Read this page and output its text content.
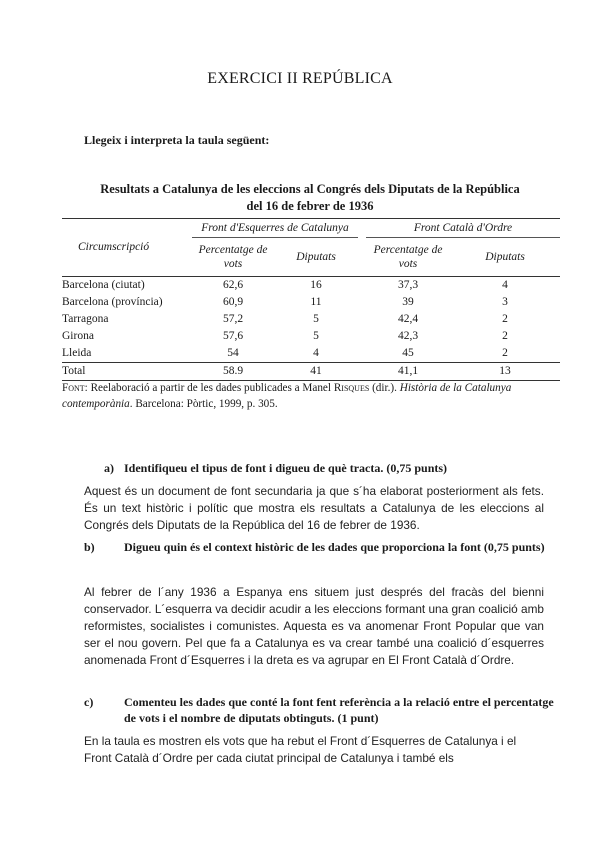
EXERCICI II REPÚBLICA
Llegeix i interpreta la taula següent:
Resultats a Catalunya de les eleccions al Congrés dels Diputats de la República
del 16 de febrer de 1936
	Front d'Esquerres de Catalunya			Front Català d'Ordre	
Circumscripció	Percentatge de vots	Diputats		Percentatge de vots	Diputats
Barcelona (ciutat)	62,6	16		37,3	4
Barcelona (província)	60,9	11		39	3
Tarragona	57,2	5		42,4	2
Girona	57,6	5		42,3	2
Lleida	54	4		45	2
Total	58.9	41		41,1	13
Font: Reelaboració a partir de les dades publicades a Manel Risques (dir.). Història de la Catalunya contemporània. Barcelona: Pòrtic, 1999, p. 305.
a) Identifiqueu el tipus de font i digueu de què tracta. (0,75 punts)
Aquest és un document de font secundaria ja que s´ha elaborat posteriorment als fets. És un text històric i polític que mostra els resultats a Catalunya de les eleccions al Congrés dels Diputats de la República del 16 de febrer de 1936.
b) Digueu quin és el context històric de les dades que proporciona la font (0,75 punts)
Al febrer de l´any 1936 a Espanya ens situem just després del fracàs del bienni conservador. L´esquerra va decidir acudir a les eleccions formant una gran coalició amb reformistes, socialistes i comunistes. Aquesta es va anomenar Front Popular que van ser el nou govern. Pel que fa a Catalunya es va crear també una coalició d´esquerres anomenada Front d´Esquerres i la dreta es va agrupar en El Front Català d´Ordre.
c)	Comenteu les dades que conté la font fent referència a la relació entre el percentatge de vots i el nombre de diputats obtinguts. (1 punt)
En la taula es mostren els vots que ha rebut el Front d´Esquerres de Catalunya i el Front Català d´Ordre per cada ciutat principal de Catalunya i també els
